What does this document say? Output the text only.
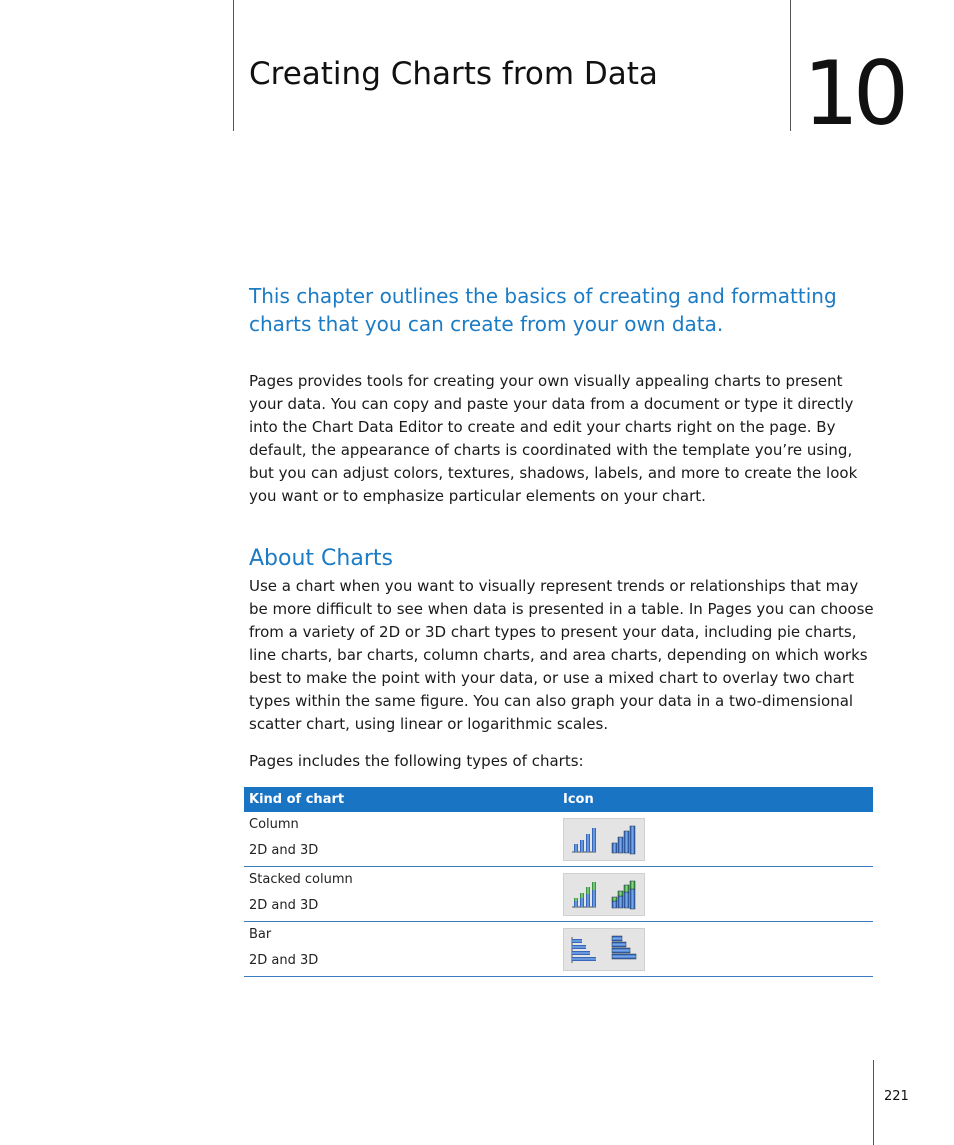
Creating Charts from Data 10
This chapter outlines the basics of creating and formatting charts that you can create from your own data.

Pages provides tools for creating your own visually appealing charts to present your data. You can copy and paste your data from a document or type it directly into the Chart Data Editor to create and edit your charts right on the page. By default, the appearance of charts is coordinated with the template you’re using, but you can adjust colors, textures, shadows, labels, and more to create the look you want or to emphasize particular elements on your chart.

About Charts

Use a chart when you want to visually represent trends or relationships that may be more difficult to see when data is presented in a table. In Pages you can choose from a variety of 2D or 3D chart types to present your data, including pie charts, line charts, bar charts, column charts, and area charts, depending on which works best to make the point with your data, or use a mixed chart to overlay two chart types within the same figure. You can also graph your data in a two-dimensional scatter chart, using linear or logarithmic scales.

Pages includes the following types of charts:

Kind of chart	Icon

Column
2D and 3D

Stacked column
2D and 3D

Bar
2D and 3D

221
